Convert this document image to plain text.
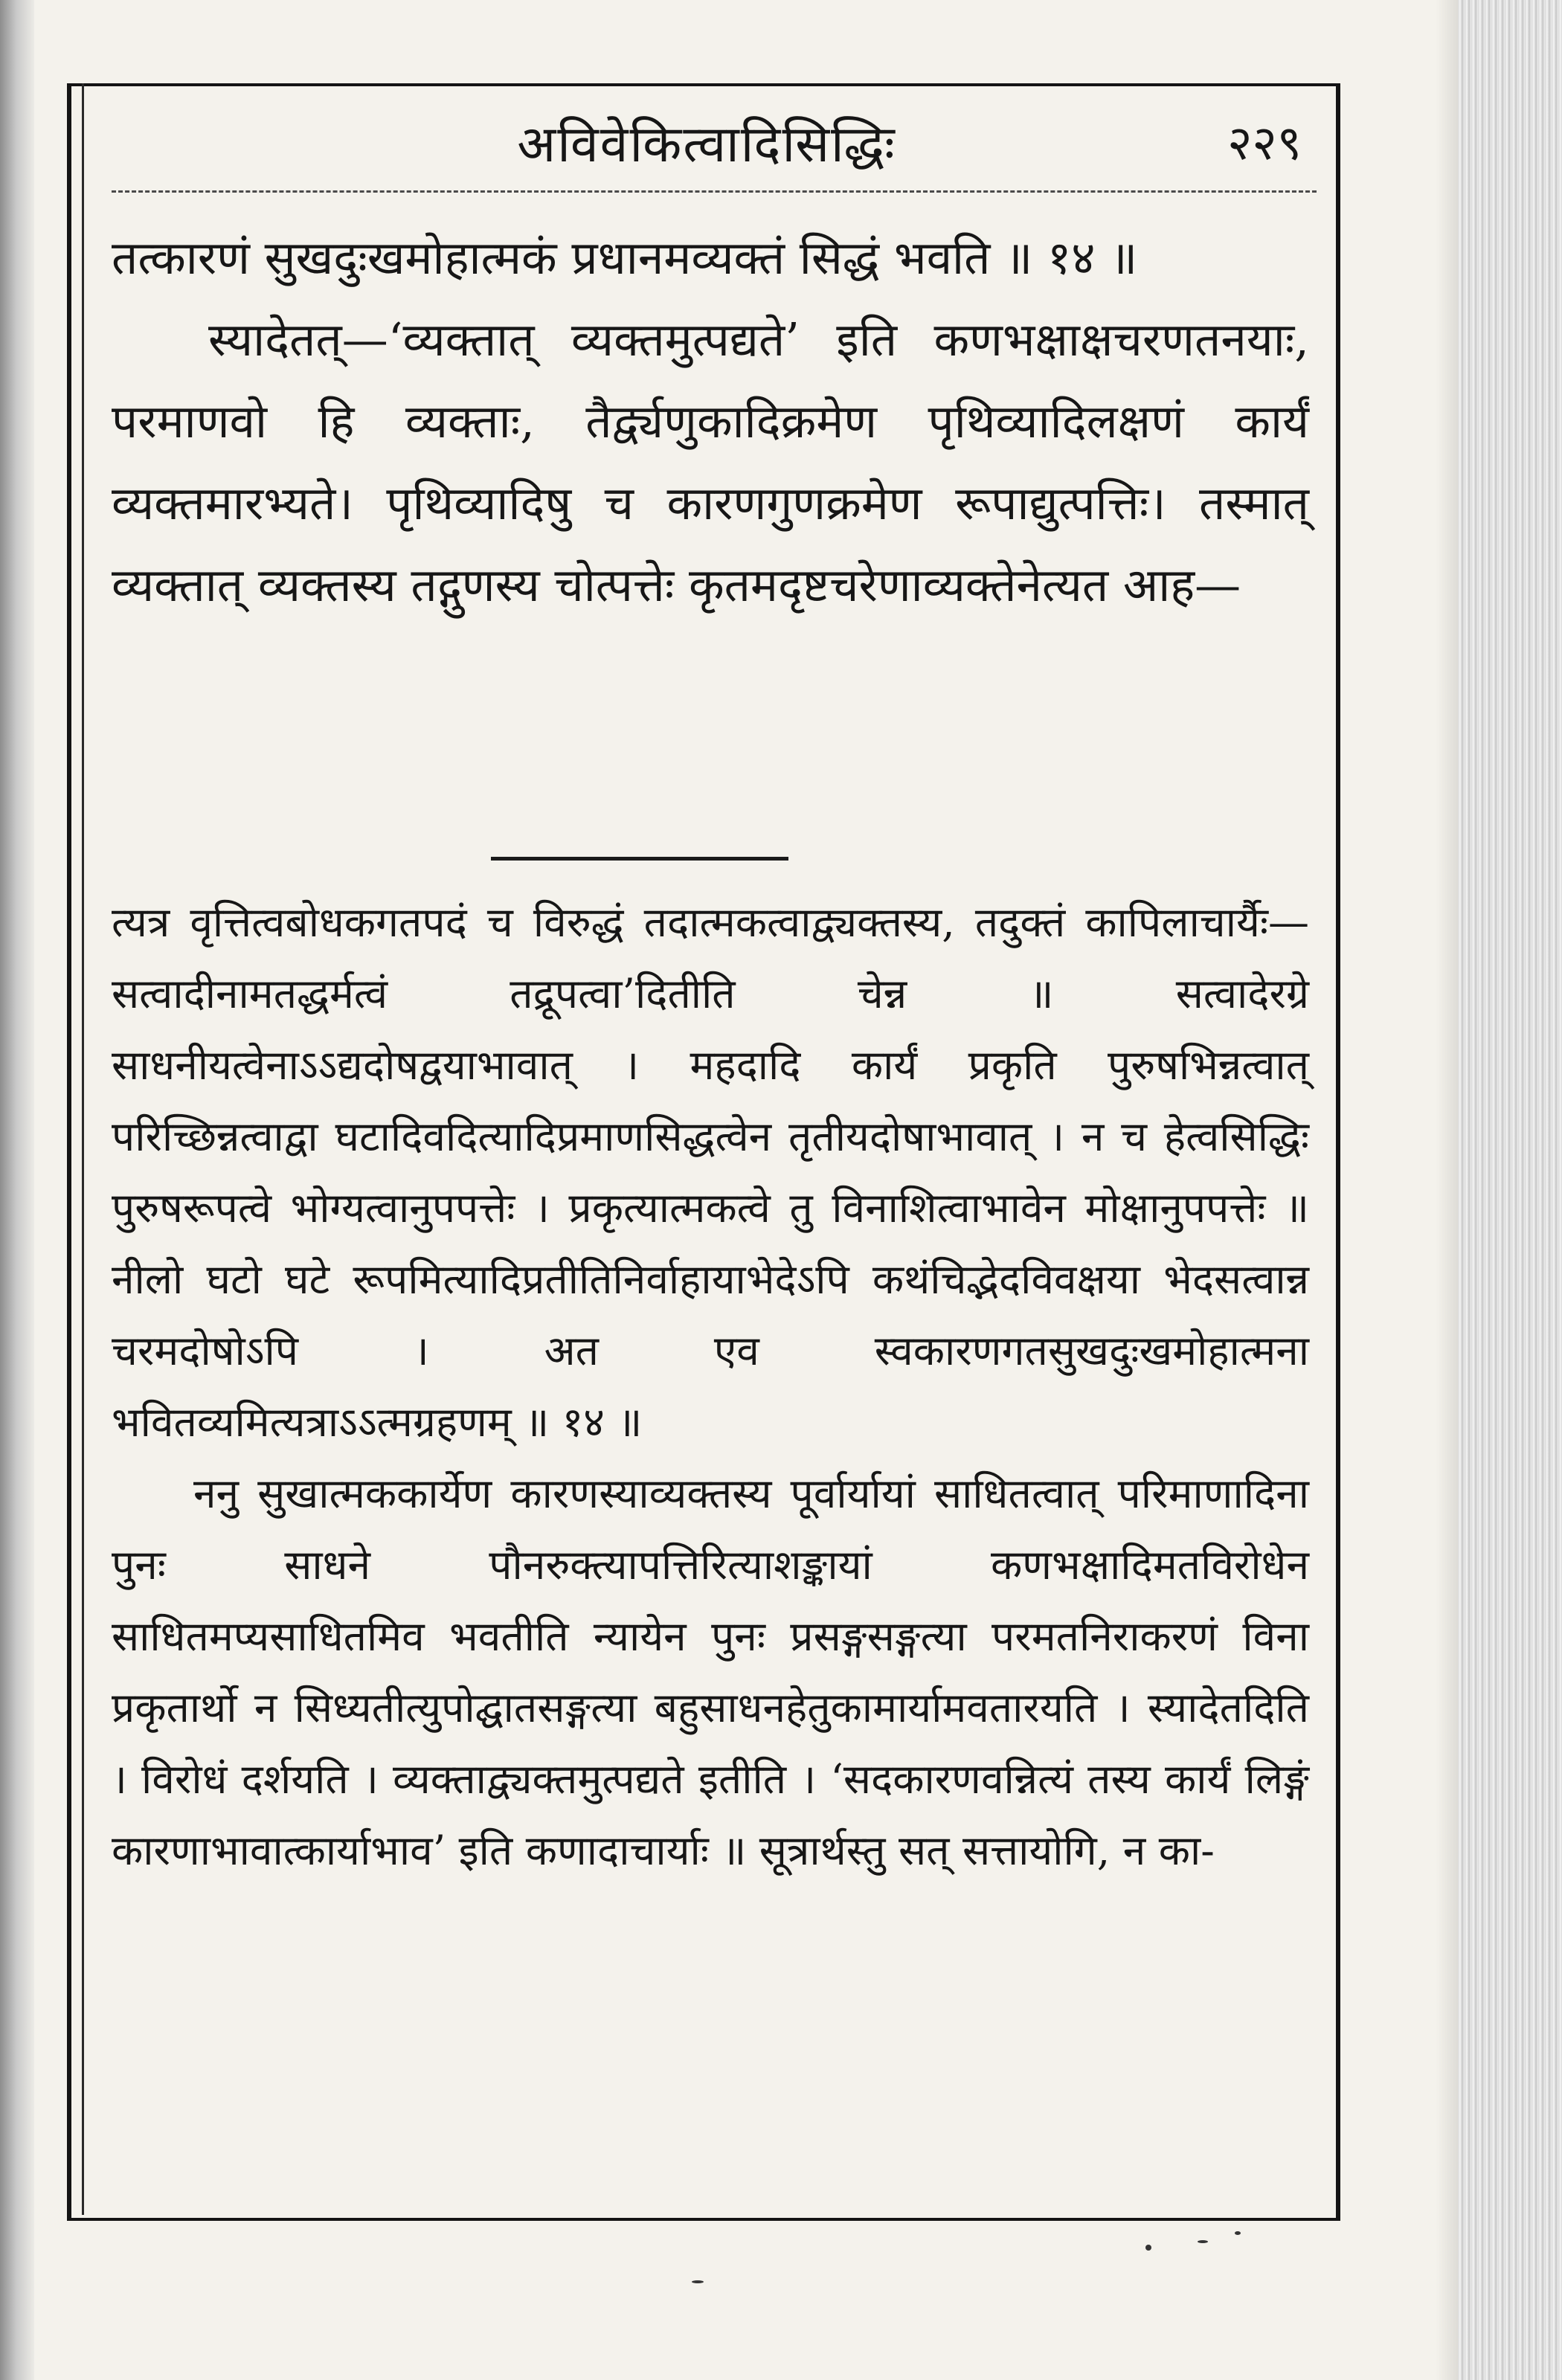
अविवेकित्वादिसिद्धिः	२२९

तत्कारणं सुखदुःखमोहात्मकं प्रधानमव्यक्तं सिद्धं भवति ॥ १४ ॥

स्यादेतत्—‘व्यक्तात् व्यक्तमुत्पद्यते’ इति कणभक्षाक्षचरणतनयाः, परमाणवो हि व्यक्ताः, तैर्द्व्यणुकादिक्रमेण पृथिव्यादिलक्षणं कार्यं व्यक्तमारभ्यते। पृथिव्यादिषु च कारणगुणक्रमेण रूपाद्युत्पत्तिः। तस्मात् व्यक्तात् व्यक्तस्य तद्गुणस्य चोत्पत्तेः कृतमदृष्टचरेणाव्यक्तेनेत्यत आह—

त्यत्र वृत्तित्वबोधकगतपदं च विरुद्धं तदात्मकत्वाद्व्यक्तस्य, तदुक्तं कापिलाचार्यैः—सत्वादीनामतद्धर्मत्वं तद्रूपत्वा’दितीति चेन्न ॥ सत्वादेरग्रे साधनीयत्वेनाऽऽद्यदोषद्वयाभावात् । महदादि कार्यं प्रकृति पुरुषभिन्नत्वात् परिच्छिन्नत्वाद्वा घटादिवदित्यादिप्रमाणसिद्धत्वेन तृतीयदोषाभावात् । न च हेत्वसिद्धिः पुरुषरूपत्वे भोग्यत्वानुपपत्तेः । प्रकृत्यात्मकत्वे तु विनाशित्वाभावेन मोक्षानुपपत्तेः ॥ नीलो घटो घटे रूपमित्यादिप्रतीतिनिर्वाहायाभेदेऽपि कथंचिद्भेदविवक्षया भेदसत्वान्न चरमदोषोऽपि । अत एव स्वकारणगतसुखदुःखमोहात्मना भवितव्यमित्यत्राऽऽत्मग्रहणम् ॥ १४ ॥

ननु सुखात्मककार्येण कारणस्याव्यक्तस्य पूर्वार्यायां साधितत्वात् परिमाणादिना पुनः साधने पौनरुक्त्यापत्तिरित्याशङ्कायां कणभक्षादिमतविरोधेन साधितमप्यसाधितमिव भवतीति न्यायेन पुनः प्रसङ्गसङ्गत्या परमतनिराकरणं विना प्रकृतार्थो न सिध्यतीत्युपोद्घातसङ्गत्या बहुसाधनहेतुकामार्यामवतारयति । स्यादेतदिति । विरोधं दर्शयति । व्यक्ताद्व्यक्तमुत्पद्यते इतीति । ‘सदकारणवन्नित्यं तस्य कार्यं लिङ्गं कारणाभावात्कार्याभाव’ इति कणादाचार्याः ॥ सूत्रार्थस्तु सत् सत्तायोगि, न का-
